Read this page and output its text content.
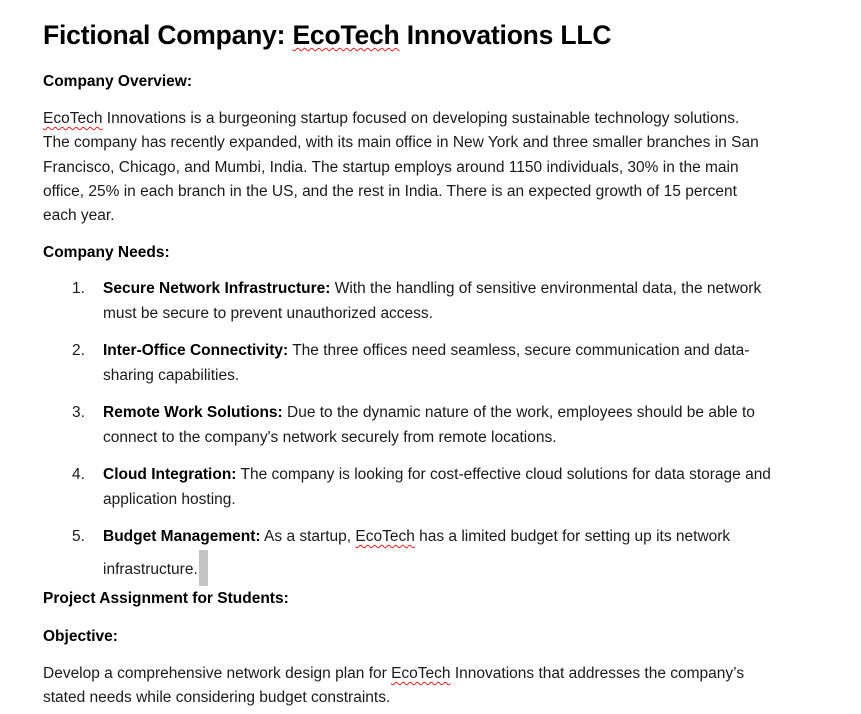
Fictional Company: EcoTech Innovations LLC
Company Overview:

EcoTech Innovations is a burgeoning startup focused on developing sustainable technology solutions.
The company has recently expanded, with its main office in New York and three smaller branches in San
Francisco, Chicago, and Mumbi, India. The startup employs around 1150 individuals, 30% in the main
office, 25% in each branch in the US, and the rest in India. There is an expected growth of 15 percent
each year.

Company Needs:
1. Secure Network Infrastructure: With the handling of sensitive environmental data, the network
must be secure to prevent unauthorized access.
2. Inter-Office Connectivity: The three offices need seamless, secure communication and data-
sharing capabilities.
3. Remote Work Solutions: Due to the dynamic nature of the work, employees should be able to
connect to the company's network securely from remote locations.
4. Cloud Integration: The company is looking for cost-effective cloud solutions for data storage and
application hosting.
5. Budget Management: As a startup, EcoTech has a limited budget for setting up its network
infrastructure.
Project Assignment for Students:
Objective:

Develop a comprehensive network design plan for EcoTech Innovations that addresses the company’s
stated needs while considering budget constraints.
